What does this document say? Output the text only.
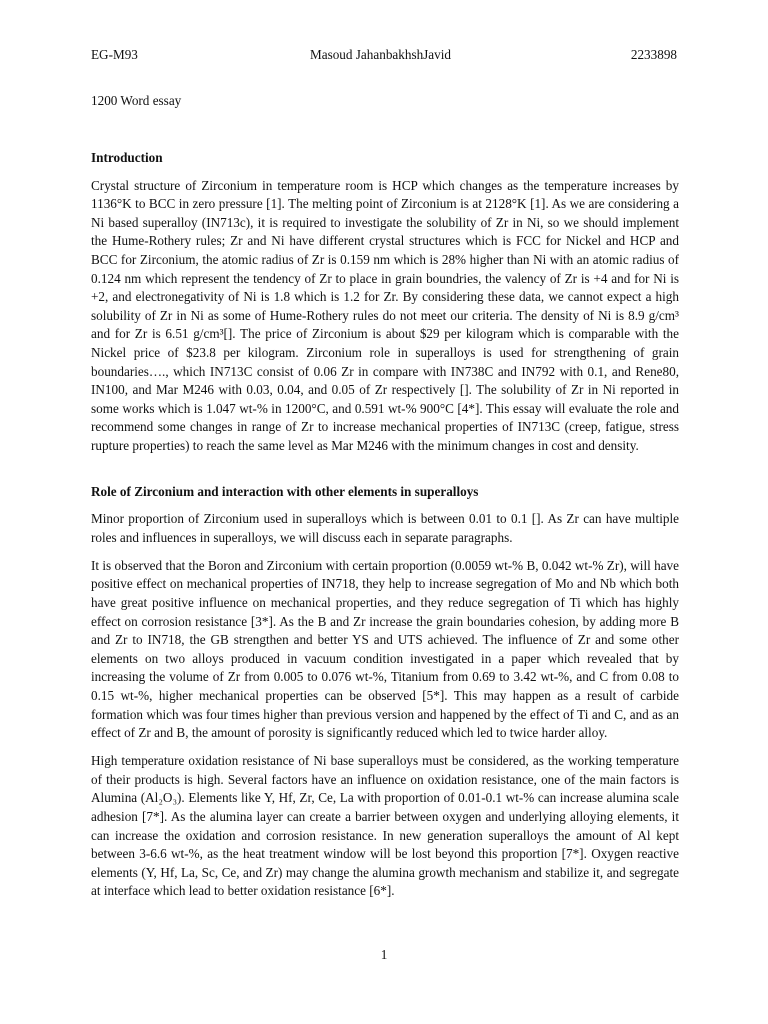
EG-M93	Masoud JahanbakhshJavid	2233898
1200 Word essay
Introduction

Crystal structure of Zirconium in temperature room is HCP which changes as the temperature increases by 1136°K to BCC in zero pressure [1]. The melting point of Zirconium is at 2128°K [1]. As we are considering a Ni based superalloy (IN713c), it is required to investigate the solubility of Zr in Ni, so we should implement the Hume-Rothery rules; Zr and Ni have different crystal structures which is FCC for Nickel and HCP and BCC for Zirconium, the atomic radius of Zr is 0.159 nm which is 28% higher than Ni with an atomic radius of 0.124 nm which represent the tendency of Zr to place in grain boundries, the valency of Zr is +4 and for Ni is +2, and electronegativity of Ni is 1.8 which is 1.2 for Zr. By considering these data, we cannot expect a high solubility of Zr in Ni as some of Hume-Rothery rules do not meet our criteria. The density of Ni is 8.9 g/cm³ and for Zr is 6.51 g/cm³[]. The price of Zirconium is about $29 per kilogram which is comparable with the Nickel price of $23.8 per kilogram. Zirconium role in superalloys is used for strengthening of grain boundaries…., which IN713C consist of 0.06 Zr in compare with IN738C and IN792 with 0.1, and Rene80, IN100, and Mar M246 with 0.03, 0.04, and 0.05 of Zr respectively []. The solubility of Zr in Ni reported in some works which is 1.047 wt-% in 1200°C, and 0.591 wt-% 900°C [4*]. This essay will evaluate the role and recommend some changes in range of Zr to increase mechanical properties of IN713C (creep, fatigue, stress rupture properties) to reach the same level as Mar M246 with the minimum changes in cost and density.

Role of Zirconium and interaction with other elements in superalloys

Minor proportion of Zirconium used in superalloys which is between 0.01 to 0.1 []. As Zr can have multiple roles and influences in superalloys, we will discuss each in separate paragraphs.

It is observed that the Boron and Zirconium with certain proportion (0.0059 wt-% B, 0.042 wt-% Zr), will have positive effect on mechanical properties of IN718, they help to increase segregation of Mo and Nb which both have great positive influence on mechanical properties, and they reduce segregation of Ti which has highly effect on corrosion resistance [3*]. As the B and Zr increase the grain boundaries cohesion, by adding more B and Zr to IN718, the GB strengthen and better YS and UTS achieved. The influence of Zr and some other elements on two alloys produced in vacuum condition investigated in a paper which revealed that by increasing the volume of Zr from 0.005 to 0.076 wt-%, Titanium from 0.69 to 3.42 wt-%, and C from 0.08 to 0.15 wt-%, higher mechanical properties can be observed [5*]. This may happen as a result of carbide formation which was four times higher than previous version and happened by the effect of Ti and C, and as an effect of Zr and B, the amount of porosity is significantly reduced which led to twice harder alloy.

High temperature oxidation resistance of Ni base superalloys must be considered, as the working temperature of their products is high. Several factors have an influence on oxidation resistance, one of the main factors is Alumina (Al₂O₃). Elements like Y, Hf, Zr, Ce, La with proportion of 0.01-0.1 wt-% can increase alumina scale adhesion [7*]. As the alumina layer can create a barrier between oxygen and underlying alloying elements, it can increase the oxidation and corrosion resistance. In new generation superalloys the amount of Al kept between 3-6.6 wt-%, as the heat treatment window will be lost beyond this proportion [7*]. Oxygen reactive elements (Y, Hf, La, Sc, Ce, and Zr) may change the alumina growth mechanism and stabilize it, and segregate at interface which lead to better oxidation resistance [6*].

1
